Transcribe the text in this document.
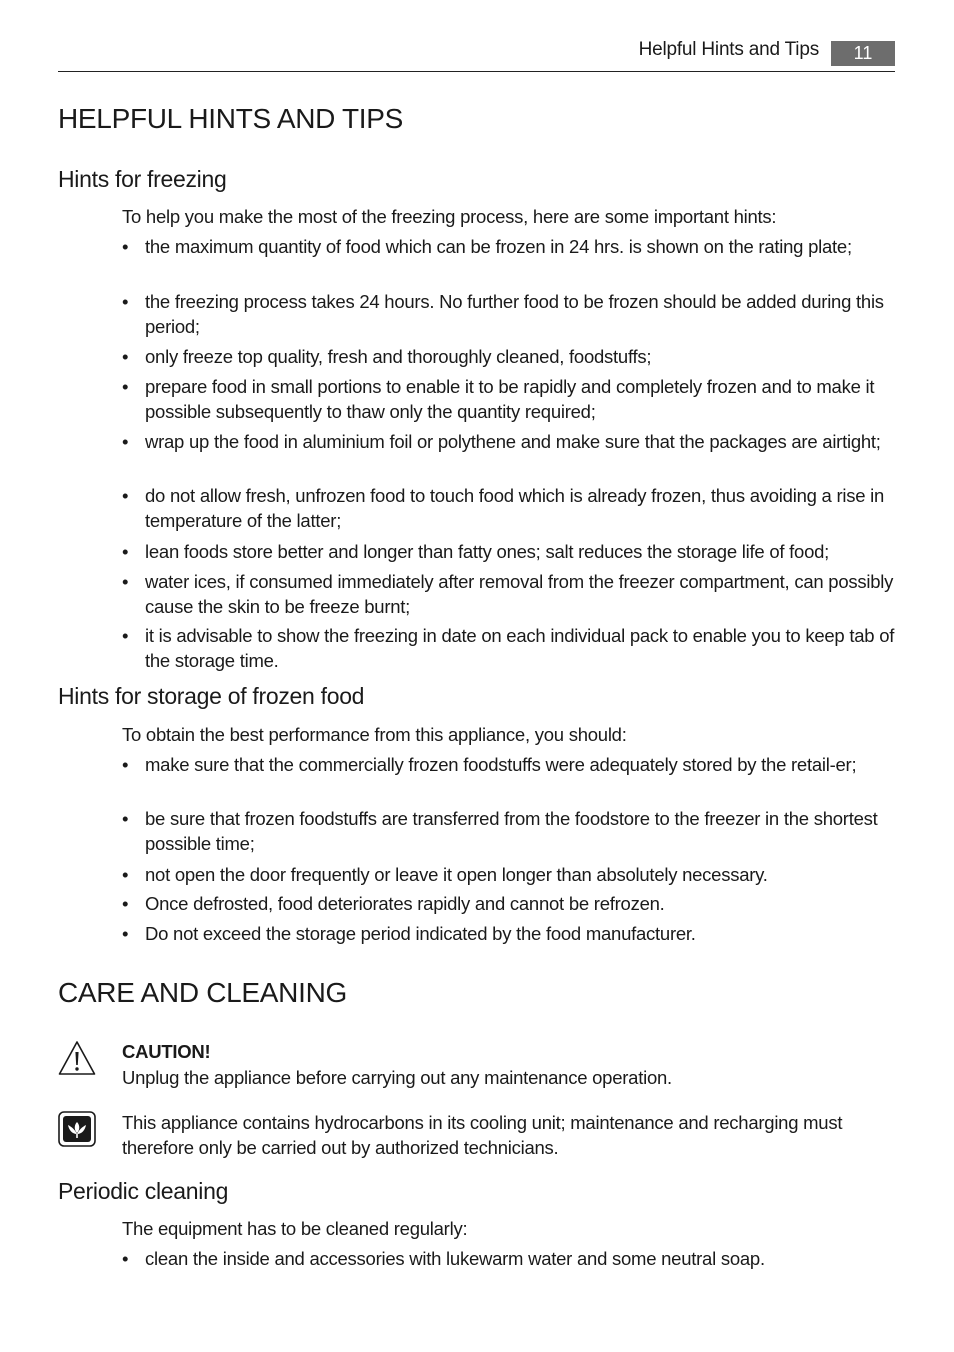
Helpful Hints and Tips	11
HELPFUL HINTS AND TIPS
Hints for freezing
To help you make the most of the freezing process, here are some important hints:
• the maximum quantity of food which can be frozen in 24 hrs. is shown on the rating plate;
• the freezing process takes 24 hours. No further food to be frozen should be added during this period;
• only freeze top quality, fresh and thoroughly cleaned, foodstuffs;
• prepare food in small portions to enable it to be rapidly and completely frozen and to make it possible subsequently to thaw only the quantity required;
• wrap up the food in aluminium foil or polythene and make sure that the packages are airtight;
• do not allow fresh, unfrozen food to touch food which is already frozen, thus avoiding a rise in temperature of the latter;
• lean foods store better and longer than fatty ones; salt reduces the storage life of food;
• water ices, if consumed immediately after removal from the freezer compartment, can possibly cause the skin to be freeze burnt;
• it is advisable to show the freezing in date on each individual pack to enable you to keep tab of the storage time.
Hints for storage of frozen food
To obtain the best performance from this appliance, you should:
• make sure that the commercially frozen foodstuffs were adequately stored by the retail-er;
• be sure that frozen foodstuffs are transferred from the foodstore to the freezer in the shortest possible time;
• not open the door frequently or leave it open longer than absolutely necessary.
• Once defrosted, food deteriorates rapidly and cannot be refrozen.
• Do not exceed the storage period indicated by the food manufacturer.
CARE AND CLEANING
CAUTION!
Unplug the appliance before carrying out any maintenance operation.
This appliance contains hydrocarbons in its cooling unit; maintenance and recharging must therefore only be carried out by authorized technicians.
Periodic cleaning
The equipment has to be cleaned regularly:
• clean the inside and accessories with lukewarm water and some neutral soap.
